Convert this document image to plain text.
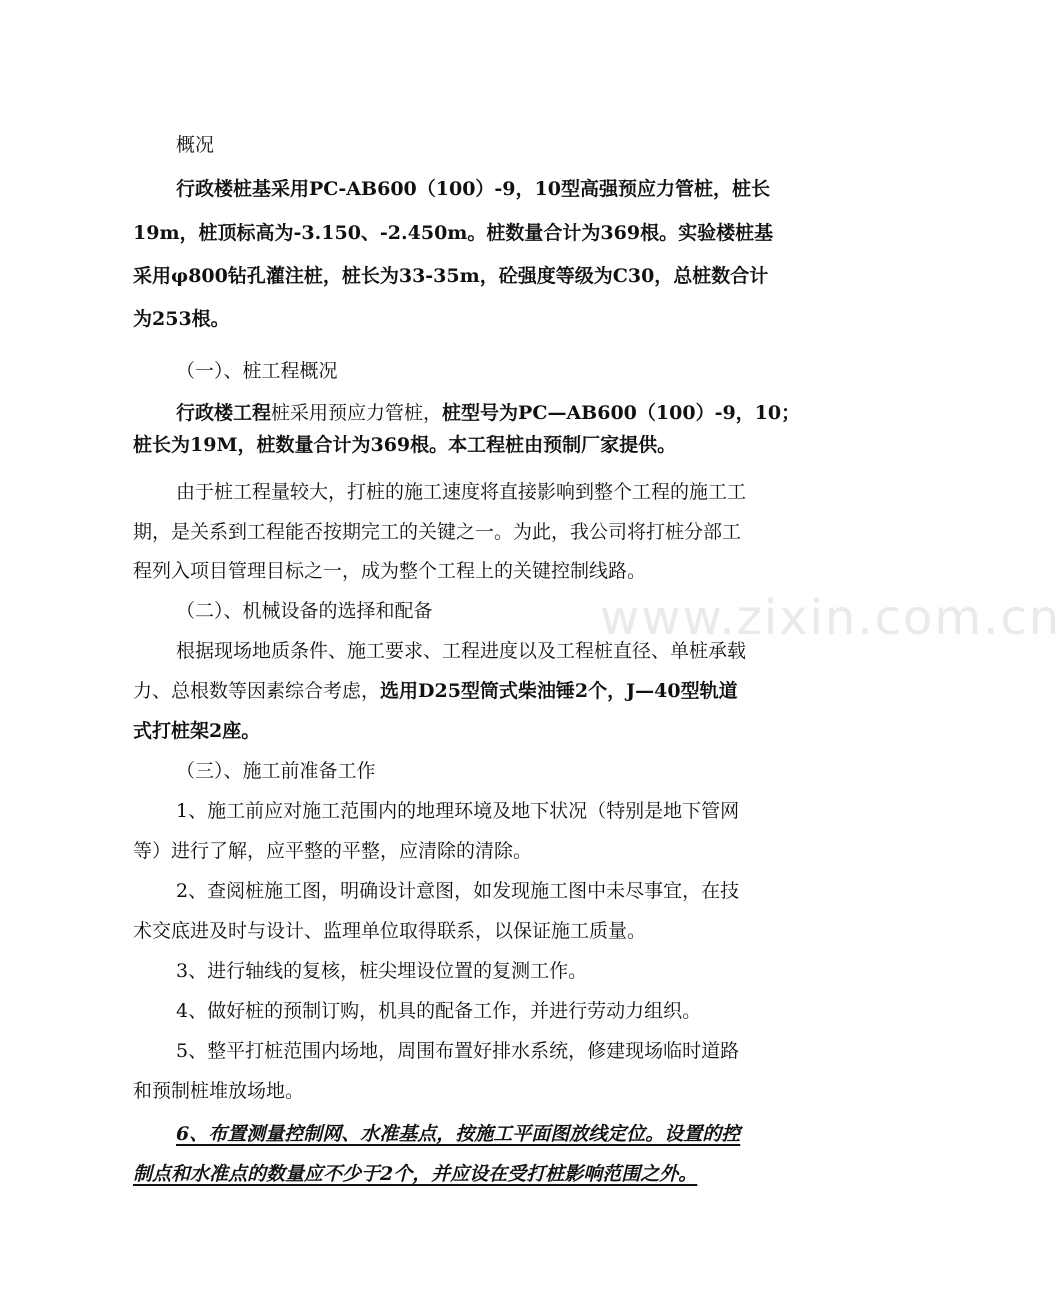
www.zixin.com.cn
概况
行政楼桩基采用PC-AB600（100）-9，10型高强预应力管桩，桩长
19m，桩顶标高为-3.150、-2.450m。桩数量合计为369根。实验楼桩基
采用φ800钻孔灌注桩，桩长为33-35m，砼强度等级为C30，总桩数合计
为253根。
（一）、桩工程概况
行政楼工程桩采用预应力管桩，桩型号为PC—AB600（100）-9，10；
桩长为19M，桩数量合计为369根。本工程桩由预制厂家提供。
由于桩工程量较大，打桩的施工速度将直接影响到整个工程的施工工
期，是关系到工程能否按期完工的关键之一。为此，我公司将打桩分部工
程列入项目管理目标之一，成为整个工程上的关键控制线路。
（二）、机械设备的选择和配备
根据现场地质条件、施工要求、工程进度以及工程桩直径、单桩承载
力、总根数等因素综合考虑，选用D25型筒式柴油锤2个，J—40型轨道
式打桩架2座。
（三）、施工前准备工作
1、施工前应对施工范围内的地理环境及地下状况（特别是地下管网
等）进行了解，应平整的平整，应清除的清除。
2、查阅桩施工图，明确设计意图，如发现施工图中未尽事宜，在技
术交底进及时与设计、监理单位取得联系，以保证施工质量。
3、进行轴线的复核，桩尖埋设位置的复测工作。
4、做好桩的预制订购，机具的配备工作，并进行劳动力组织。
5、整平打桩范围内场地，周围布置好排水系统，修建现场临时道路
和预制桩堆放场地。
6、布置测量控制网、水准基点，按施工平面图放线定位。设置的控
制点和水准点的数量应不少于2个，并应设在受打桩影响范围之外。
